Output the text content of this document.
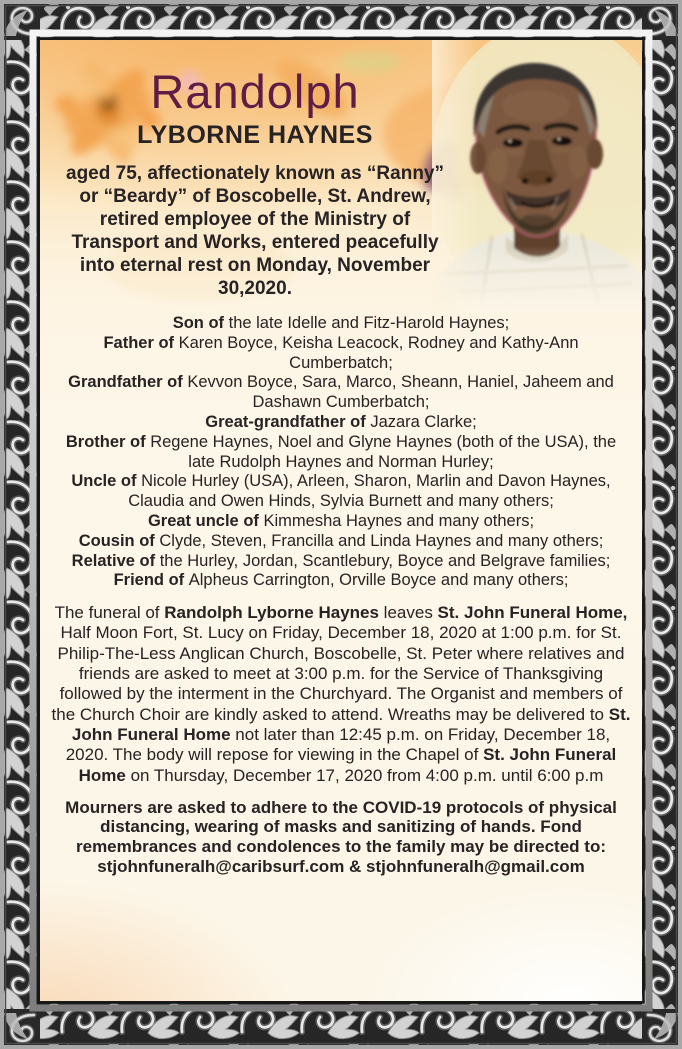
Randolph
LYBORNE HAYNES

aged 75, affectionately known as “Ranny” or “Beardy” of Boscobelle, St. Andrew, retired employee of the Ministry of Transport and Works, entered peacefully into eternal rest on Monday, November 30,2020.

Son of the late Idelle and Fitz-Harold Haynes;

Father of Karen Boyce, Keisha Leacock, Rodney and Kathy-Ann Cumberbatch;

Grandfather of Kevvon Boyce, Sara, Marco, Sheann, Haniel, Jaheem and Dashawn Cumberbatch;

Great-grandfather of Jazara Clarke;

Brother of Regene Haynes, Noel and Glyne Haynes (both of the USA), the late Rudolph Haynes and Norman Hurley;

Uncle of Nicole Hurley (USA), Arleen, Sharon, Marlin and Davon Haynes, Claudia and Owen Hinds, Sylvia Burnett and many others;

Great uncle of Kimmesha Haynes and many others;

Cousin of Clyde, Steven, Francilla and Linda Haynes and many others;

Relative of the Hurley, Jordan, Scantlebury, Boyce and Belgrave families;

Friend of Alpheus Carrington, Orville Boyce and many others;

The funeral of Randolph Lyborne Haynes leaves St. John Funeral Home, Half Moon Fort, St. Lucy on Friday, December 18, 2020 at 1:00 p.m. for St. Philip-The-Less Anglican Church, Boscobelle, St. Peter where relatives and friends are asked to meet at 3:00 p.m. for the Service of Thanksgiving followed by the interment in the Churchyard. The Organist and members of the Church Choir are kindly asked to attend. Wreaths may be delivered to St. John Funeral Home not later than 12:45 p.m. on Friday, December 18, 2020. The body will repose for viewing in the Chapel of St. John Funeral Home on Thursday, December 17, 2020 from 4:00 p.m. until 6:00 p.m

Mourners are asked to adhere to the COVID-19 protocols of physical distancing, wearing of masks and sanitizing of hands. Fond remembrances and condolences to the family may be directed to: stjohnfuneralh@caribsurf.com & stjohnfuneralh@gmail.com
